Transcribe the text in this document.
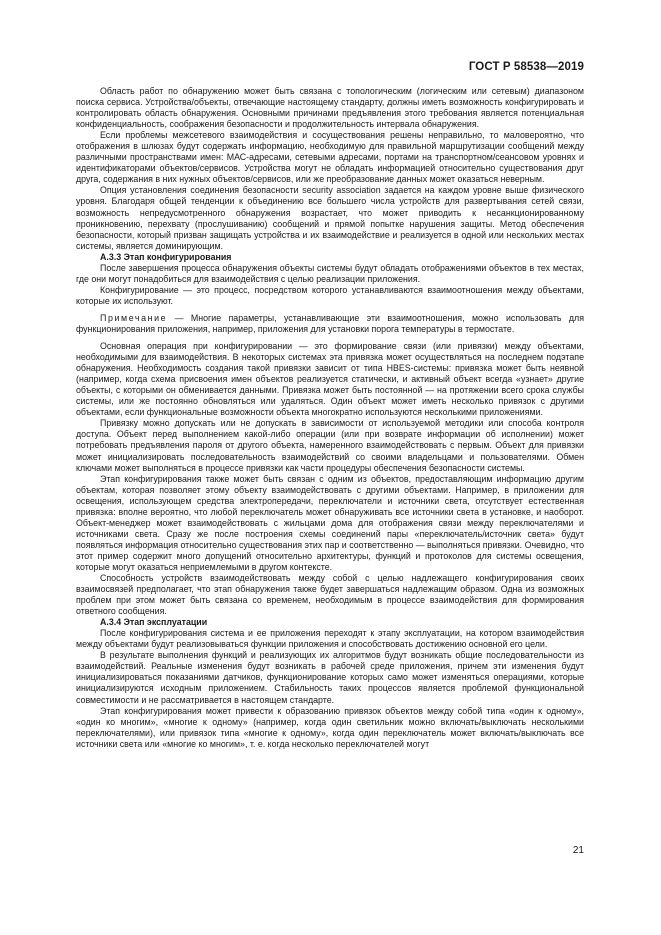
ГОСТ Р 58538—2019

Область работ по обнаружению может быть связана с топологическим (логическим или сетевым) диапазоном поиска сервиса. Устройства/объекты, отвечающие настоящему стандарту, должны иметь возможность конфигурировать и контролировать область обнаружения. Основными причинами предъявления этого требования является потенциальная конфиденциальность, соображения безопасности и продолжительность интервала обнаружения.

Если проблемы межсетевого взаимодействия и сосуществования решены неправильно, то маловероятно, что отображения в шлюзах будут содержать информацию, необходимую для правильной маршрутизации сообщений между различными пространствами имен: МАС-адресами, сетевыми адресами, портами на транспортном/сеансовом уровнях и идентификаторами объектов/сервисов. Устройства могут не обладать информацией относительно существования друг друга, содержания в них нужных объектов/сервисов, или же преобразование данных может оказаться неверным.

Опция установления соединения безопасности security association задается на каждом уровне выше физического уровня. Благодаря общей тенденции к объединению все большего числа устройств для развертывания сетей связи, возможность непредусмотренного обнаружения возрастает, что может приводить к несанкционированному проникновению, перехвату (прослушиванию) сообщений и прямой попытке нарушения защиты. Метод обеспечения безопасности, который призван защищать устройства и их взаимодействие и реализуется в одной или нескольких местах системы, является доминирующим.

А.3.3 Этап конфигурирования

После завершения процесса обнаружения объекты системы будут обладать отображениями объектов в тех местах, где они могут понадобиться для взаимодействия с целью реализации приложения.

Конфигурирование — это процесс, посредством которого устанавливаются взаимоотношения между объектами, которые их используют.

Примечание — Многие параметры, устанавливающие эти взаимоотношения, можно использовать для функционирования приложения, например, приложения для установки порога температуры в термостате.

Основная операция при конфигурировании — это формирование связи (или привязки) между объектами, необходимыми для взаимодействия. В некоторых системах эта привязка может осуществляться на последнем подэтапе обнаружения. Необходимость создания такой привязки зависит от типа HBES-системы: привязка может быть неявной (например, когда схема присвоения имен объектов реализуется статически, и активный объект всегда «узнает» другие объекты, с которыми он обменивается данными. Привязка может быть постоянной — на протяжении всего срока службы системы, или же постоянно обновляться или удаляться. Один объект может иметь несколько привязок с другими объектами, если функциональные возможности объекта многократно используются несколькими приложениями.

Привязку можно допускать или не допускать в зависимости от используемой методики или способа контроля доступа. Объект перед выполнением какой-либо операции (или при возврате информации об исполнении) может потребовать предъявления пароля от другого объекта, намеренного взаимодействовать с первым. Объект для привязки может инициализировать последовательность взаимодействий со своими владельцами и пользователями. Обмен ключами может выполняться в процессе привязки как части процедуры обеспечения безопасности системы.

Этап конфигурирования также может быть связан с одним из объектов, предоставляющим информацию другим объектам, которая позволяет этому объекту взаимодействовать с другими объектами. Например, в приложении для освещения, использующем средства электропередачи, переключатели и источники света, отсутствует естественная привязка: вполне вероятно, что любой переключатель может обнаруживать все источники света в установке, и наоборот. Объект-менеджер может взаимодействовать с жильцами дома для отображения связи между переключателями и источниками света. Сразу же после построения схемы соединений пары «переключатель/источник света» будут появляться информация относительно существования этих пар и соответственно — выполняться привязки. Очевидно, что этот пример содержит много допущений относительно архитектуры, функций и протоколов для системы освещения, которые могут оказаться неприемлемыми в другом контексте.

Способность устройств взаимодействовать между собой с целью надлежащего конфигурирования своих взаимосвязей предполагает, что этап обнаружения также будет завершаться надлежащим образом. Одна из возможных проблем при этом может быть связана со временем, необходимым в процессе взаимодействия для формирования ответного сообщения.

А.3.4 Этап эксплуатации

После конфигурирования система и ее приложения переходят к этапу эксплуатации, на котором взаимодействия между объектами будут реализовываться функции приложения и способствовать достижению основной его цели.

В результате выполнения функций и реализующих их алгоритмов будут возникать общие последовательности из взаимодействий. Реальные изменения будут возникать в рабочей среде приложения, причем эти изменения будут инициализироваться показаниями датчиков, функционирование которых само может изменяться операциями, которые инициализируются исходным приложением. Стабильность таких процессов является проблемой функциональной совместимости и не рассматривается в настоящем стандарте.

Этап конфигурирования может привести к образованию привязок объектов между собой типа «один к одному», «один ко многим», «многие к одному» (например, когда один светильник можно включать/выключать несколькими переключателями), или привязок типа «многие к одному», когда один переключатель может включать/выключать все источники света или «многие ко многим», т. е. когда несколько переключателей могут

21
